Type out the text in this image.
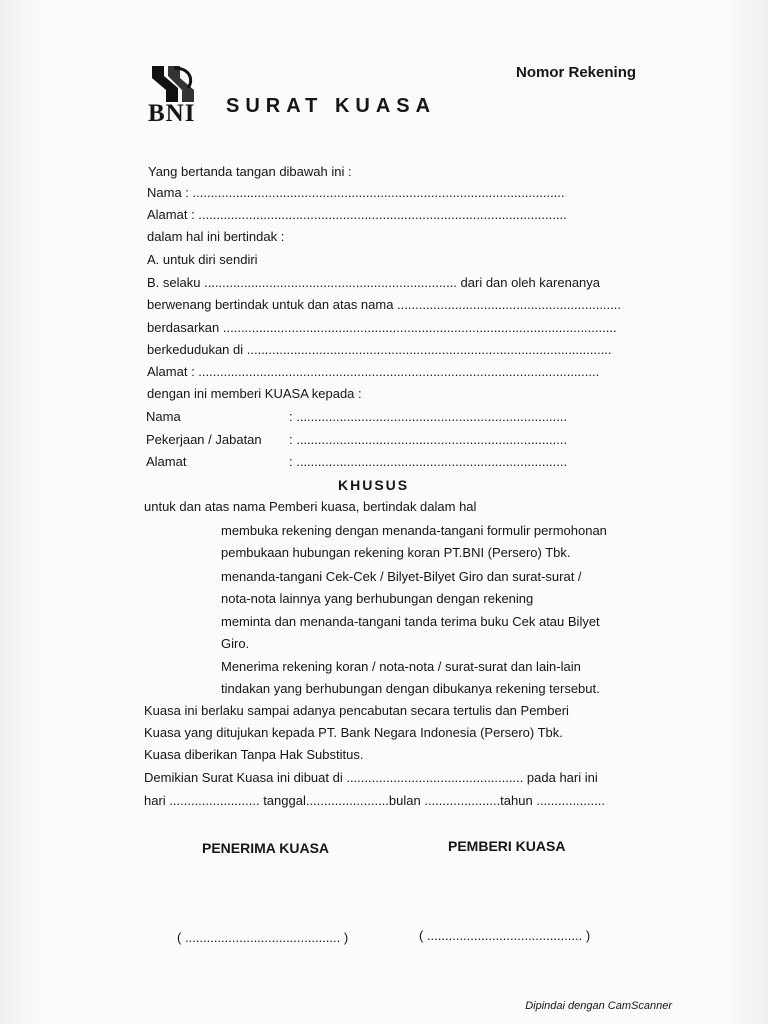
BNI SURAT KUASA
Nomor Rekening
Yang bertanda tangan dibawah ini :
Nama : .......................................................................................................
Alamat : ......................................................................................................
dalam hal ini bertindak :
A. untuk diri sendiri
B. selaku ...................................................................... dari dan oleh karenanya
berwenang bertindak untuk dan atas nama ..............................................................
berdasarkan .............................................................................................................
berkedudukan di .....................................................................................................
Alamat : ...............................................................................................................
dengan ini memberi KUASA kepada :
Nama	: ...........................................................................
Pekerjaan / Jabatan : ...........................................................................
Alamat	: ...........................................................................
KHUSUS
untuk dan atas nama Pemberi kuasa, bertindak dalam hal
membuka rekening dengan menanda-tangani formulir permohonan
pembukaan hubungan rekening koran PT.BNI (Persero) Tbk.
menanda-tangani Cek-Cek / Bilyet-Bilyet Giro dan surat-surat /
nota-nota lainnya yang berhubungan dengan rekening
meminta dan menanda-tangani tanda terima buku Cek atau Bilyet
Giro.
Menerima rekening koran / nota-nota / surat-surat dan lain-lain
tindakan yang berhubungan dengan dibukanya rekening tersebut.
Kuasa ini berlaku sampai adanya pencabutan secara tertulis dan Pemberi
Kuasa yang ditujukan kepada PT. Bank Negara Indonesia (Persero) Tbk.
Kuasa diberikan Tanpa Hak Substitus.
Demikian Surat Kuasa ini dibuat di ................................................. pada hari ini
hari ......................... tanggal.......................bulan .....................tahun ...................
PENERIMA KUASA	PEMBERI KUASA
( ........................................... )	( ........................................... )
Dipindai dengan CamScanner
